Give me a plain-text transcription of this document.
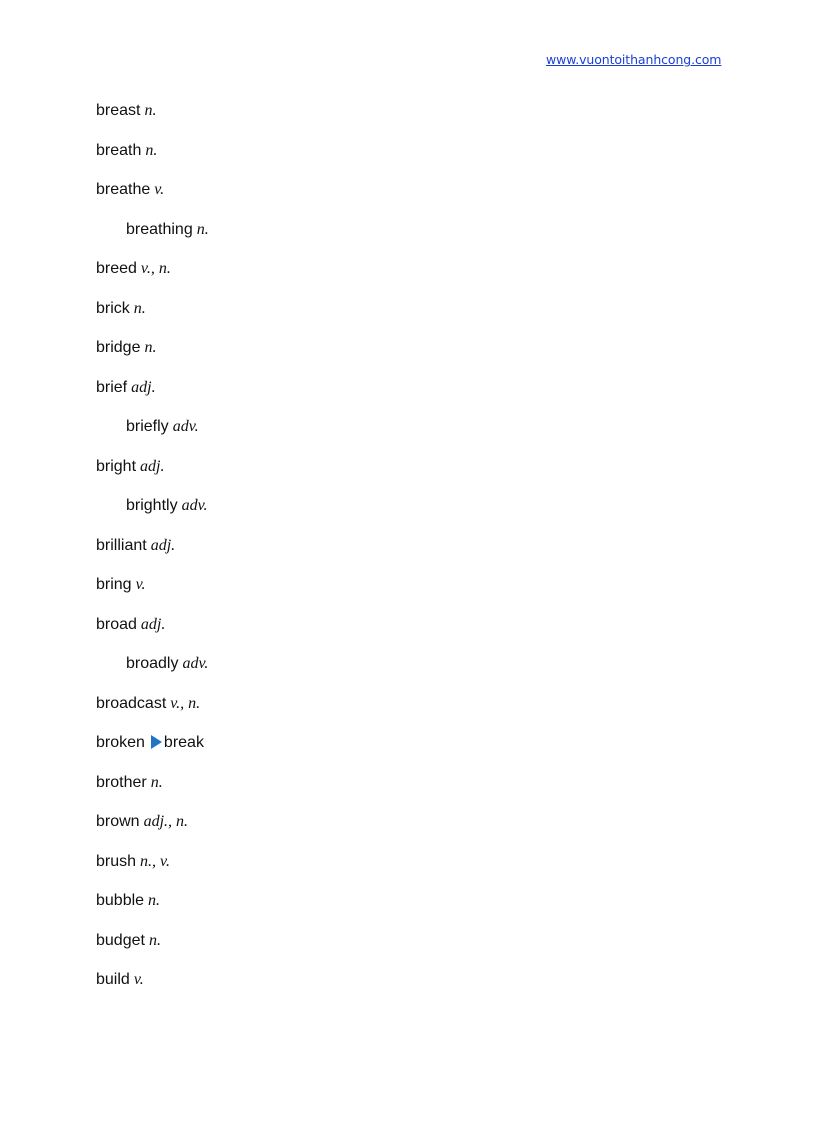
www.vuontoithanhcong.com
breast n.
breath n.
breathe v.
breathing n.
breed v., n.
brick n.
bridge n.
brief adj.
briefly adv.
bright adj.
brightly adv.
brilliant adj.
bring v.
broad adj.
broadly adv.
broadcast v., n.
broken break
brother n.
brown adj., n.
brush n., v.
bubble n.
budget n.
build v.
